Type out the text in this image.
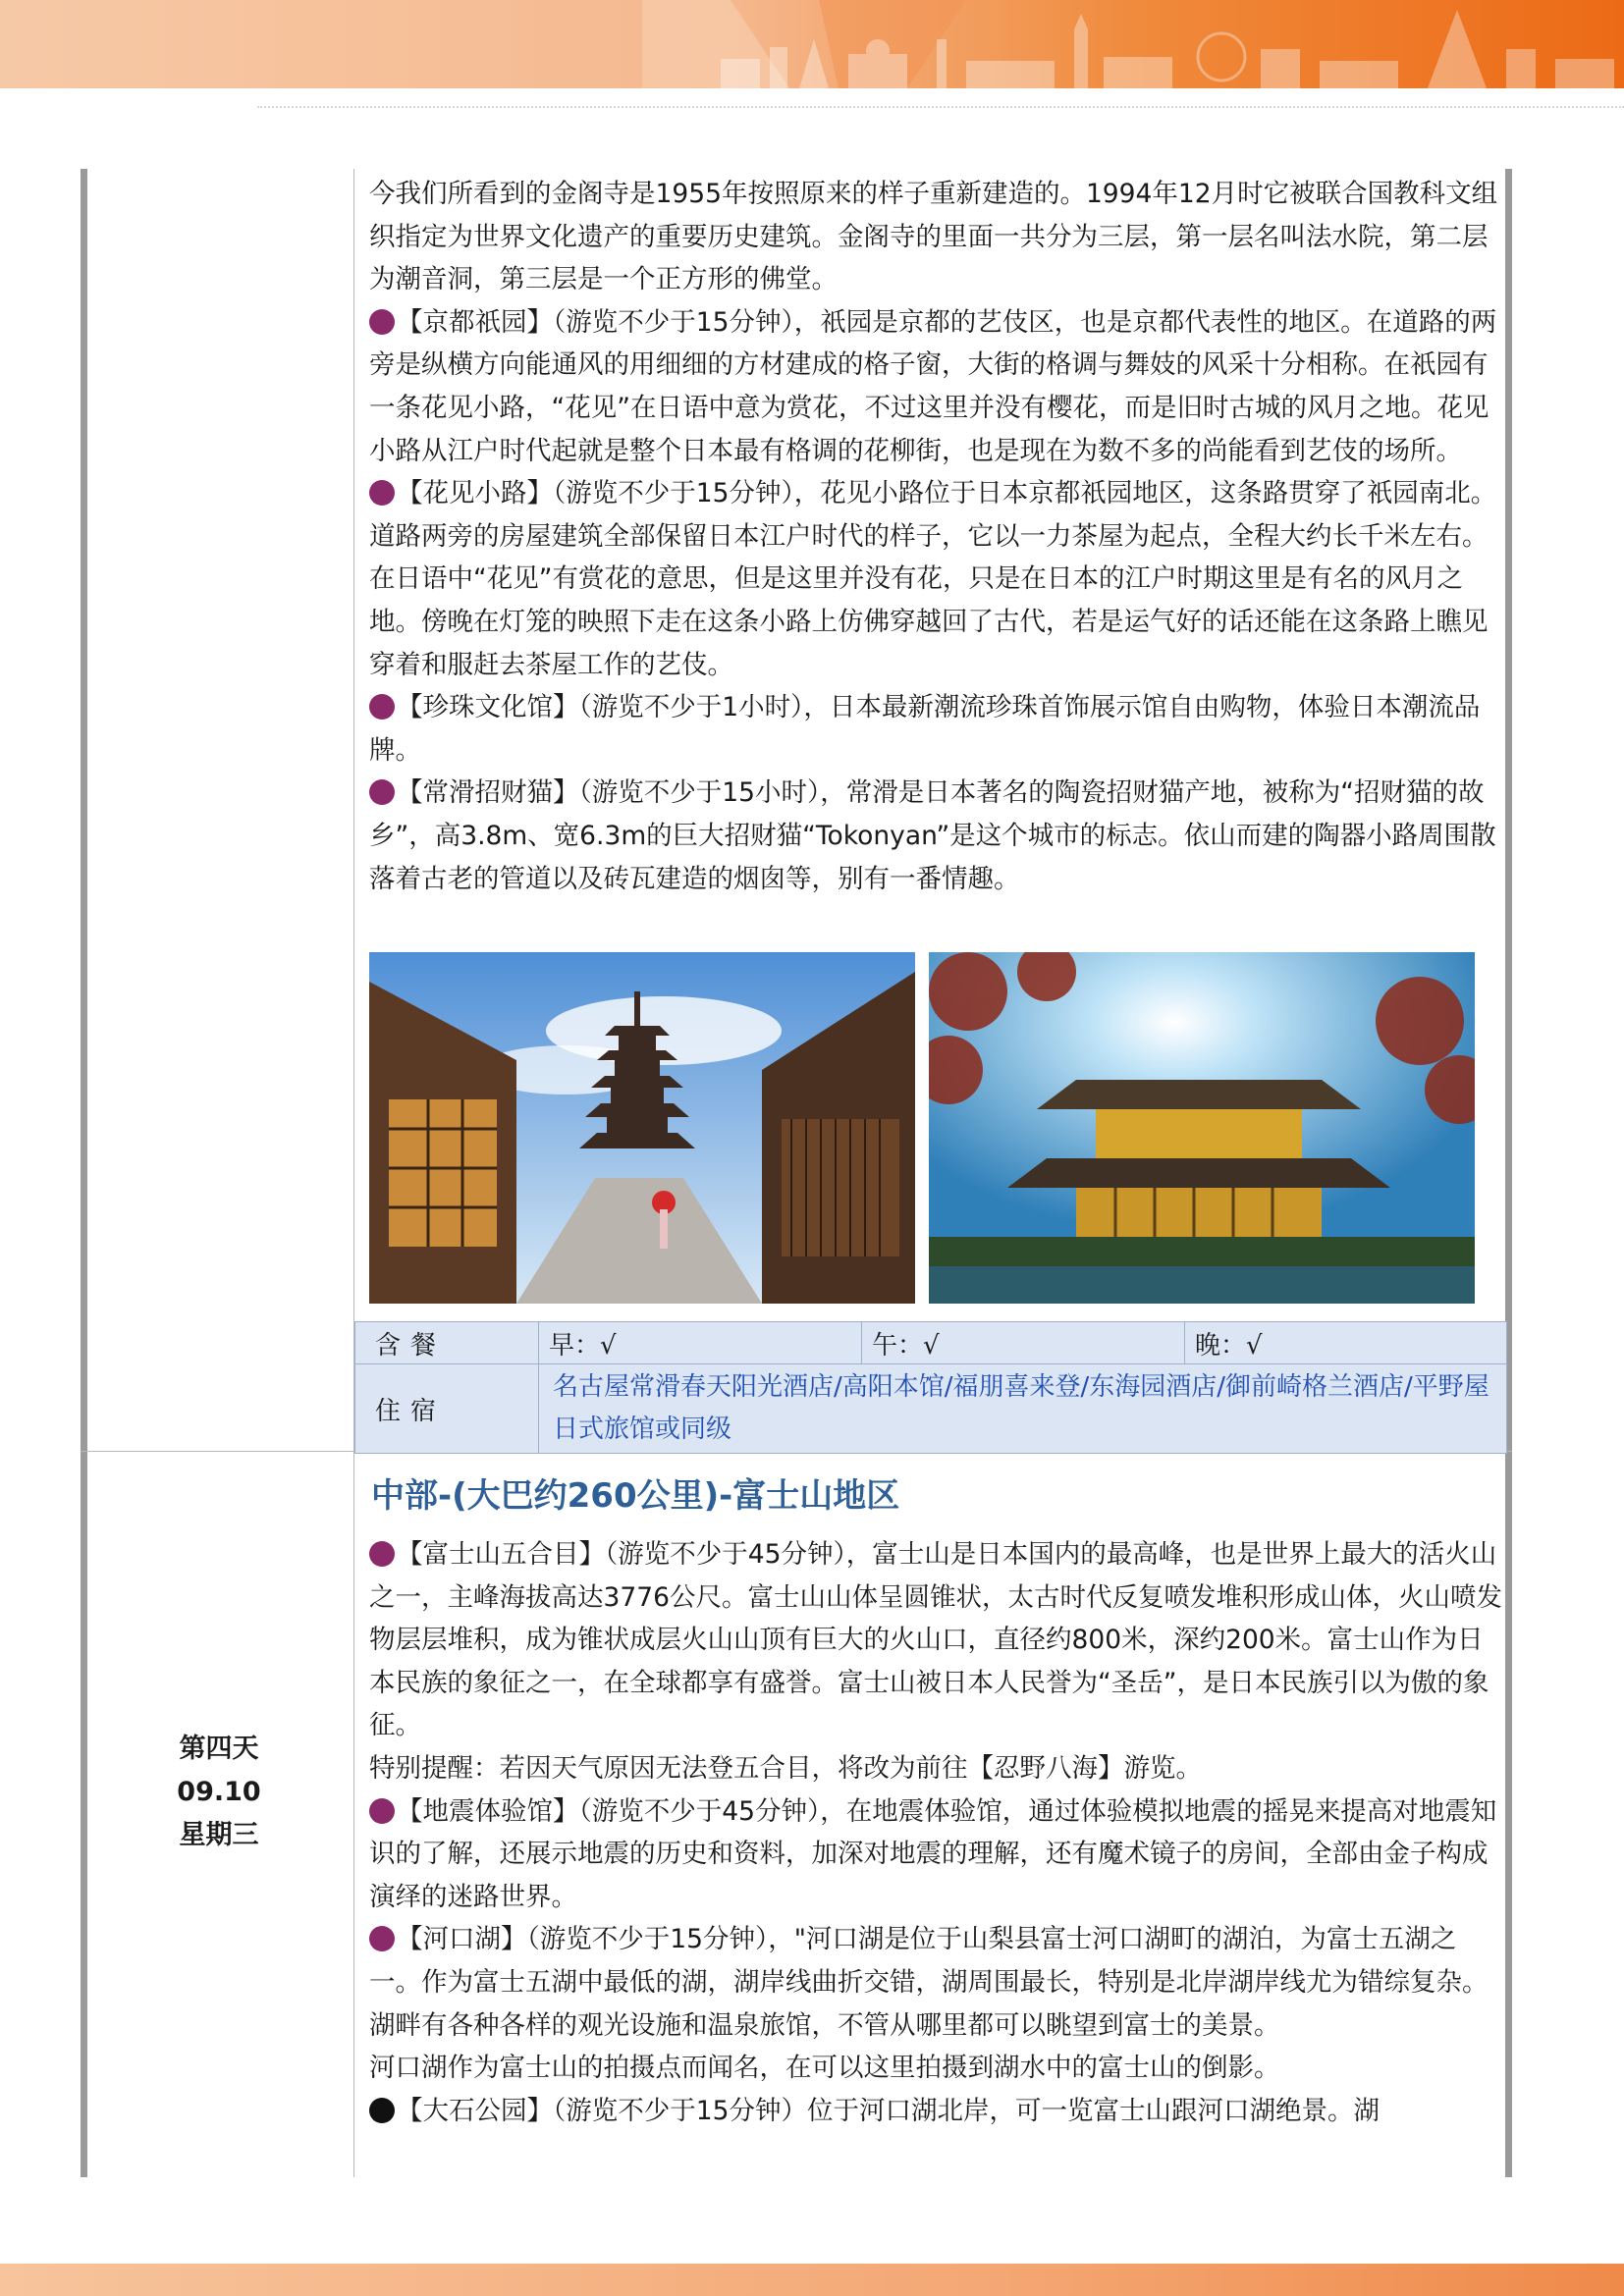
今我们所看到的金阁寺是1955年按照原来的样子重新建造的。1994年12月时它被联合国教科文组织指定为世界文化遗产的重要历史建筑。金阁寺的里面一共分为三层，第一层名叫法水院，第二层为潮音洞，第三层是一个正方形的佛堂。

【京都祇园】（游览不少于15分钟），祇园是京都的艺伎区，也是京都代表性的地区。在道路的两旁是纵横方向能通风的用细细的方材建成的格子窗，大街的格调与舞妓的风采十分相称。在祇园有一条花见小路，“花见”在日语中意为赏花，不过这里并没有樱花，而是旧时古城的风月之地。花见小路从江户时代起就是整个日本最有格调的花柳街，也是现在为数不多的尚能看到艺伎的场所。

【花见小路】（游览不少于15分钟），花见小路位于日本京都祇园地区，这条路贯穿了祇园南北。道路两旁的房屋建筑全部保留日本江户时代的样子，它以一力茶屋为起点，全程大约长千米左右。在日语中“花见”有赏花的意思，但是这里并没有花，只是在日本的江户时期这里是有名的风月之地。傍晚在灯笼的映照下走在这条小路上仿佛穿越回了古代，若是运气好的话还能在这条路上瞧见穿着和服赶去茶屋工作的艺伎。

【珍珠文化馆】（游览不少于1小时），日本最新潮流珍珠首饰展示馆自由购物，体验日本潮流品牌。

【常滑招财猫】（游览不少于15小时），常滑是日本著名的陶瓷招财猫产地，被称为“招财猫的故乡”，高3.8m、宽6.3m的巨大招财猫“Tokonyan”是这个城市的标志。依山而建的陶器小路周围散落着古老的管道以及砖瓦建造的烟囱等，别有一番情趣。

含餐	早：√	午：√	晚：√
住宿	名古屋常滑春天阳光酒店/高阳本馆/福朋喜来登/东海园酒店/御前崎格兰酒店/平野屋日式旅馆或同级		
第四天
09.10
星期三
中部-(大巴约260公里)-富士山地区

【富士山五合目】（游览不少于45分钟），富士山是日本国内的最高峰，也是世界上最大的活火山之一，主峰海拔高达3776公尺。富士山山体呈圆锥状，太古时代反复喷发堆积形成山体，火山喷发物层层堆积，成为锥状成层火山山顶有巨大的火山口，直径约800米，深约200米。富士山作为日本民族的象征之一，在全球都享有盛誉。富士山被日本人民誉为“圣岳”，是日本民族引以为傲的象征。

特别提醒：若因天气原因无法登五合目，将改为前往【忍野八海】游览。

【地震体验馆】（游览不少于45分钟），在地震体验馆，通过体验模拟地震的摇晃来提高对地震知识的了解，还展示地震的历史和资料，加深对地震的理解，还有魔术镜子的房间，全部由金子构成演绎的迷路世界。

【河口湖】（游览不少于15分钟），"河口湖是位于山梨县富士河口湖町的湖泊，为富士五湖之一。作为富士五湖中最低的湖，湖岸线曲折交错，湖周围最长，特别是北岸湖岸线尤为错综复杂。湖畔有各种各样的观光设施和温泉旅馆，不管从哪里都可以眺望到富士的美景。

河口湖作为富士山的拍摄点而闻名，在可以这里拍摄到湖水中的富士山的倒影。

【大石公园】（游览不少于15分钟）位于河口湖北岸，可一览富士山跟河口湖绝景。湖
